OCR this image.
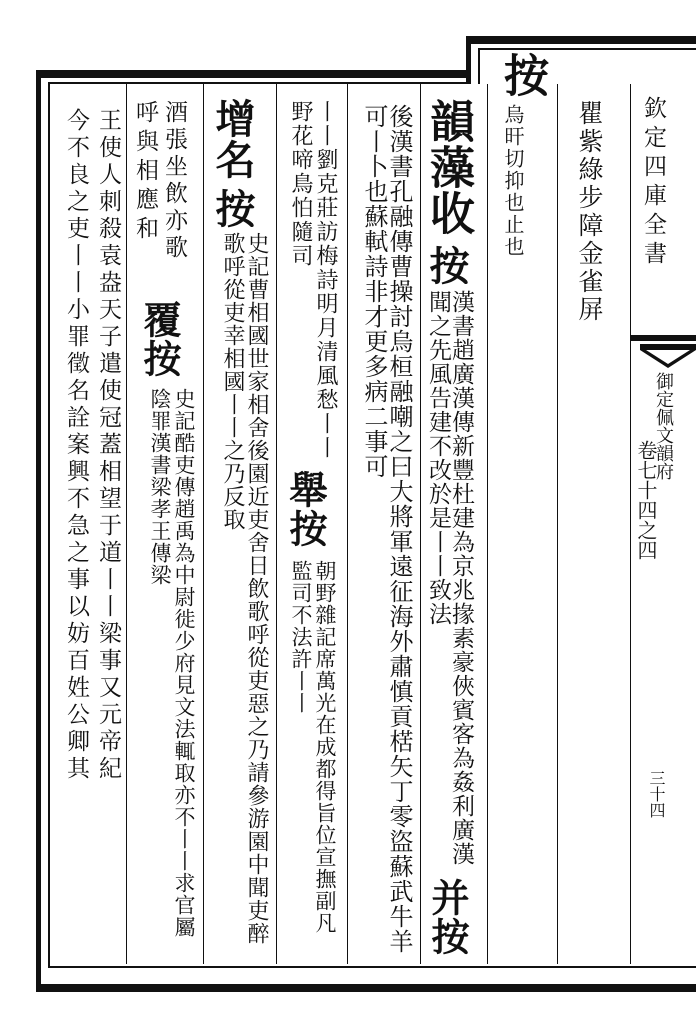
按
烏旰切抑也止也 瞿紫綠步障金雀屏
韻藻收
按
漢書趙廣漢傳新豐杜建為京兆掾素豪俠賓客為姦利廣漢聞之先風告建不改於是丨丨致法
并按
後漢書孔融傳曹操討烏桓融嘲之曰大將軍遠征海外肅慎貢楛矢丁零盜蘇武牛羊可丨卜也蘇軾詩非才更多病二事可
丨丨劉克莊訪梅詩明月清風愁丨丨野花啼鳥怕隨司
舉按
朝野雜記席萬光在成都得旨位宣撫副凡監司不法許丨丨
增名
按
史記曹相國世家相舍後園近吏舍日飲歌呼從吏惡之乃請參游園中聞吏醉歌呼從吏幸相國丨丨之乃反取
酒張坐飲亦歌
覆按
史記酷吏傳趙禹為中尉徙少府見文法輒取亦不丨丨求官屬陰罪漢書梁孝王傳梁
呼與相應和
王使人刺殺袁盎天子遣使冠蓋相望于道丨丨梁事又元帝紀
今不良之吏丨丨小罪徵名詮案興不急之事以妨百姓公卿其	欽定四庫全書
御定佩文韻府
卷七十四之四
三十四
